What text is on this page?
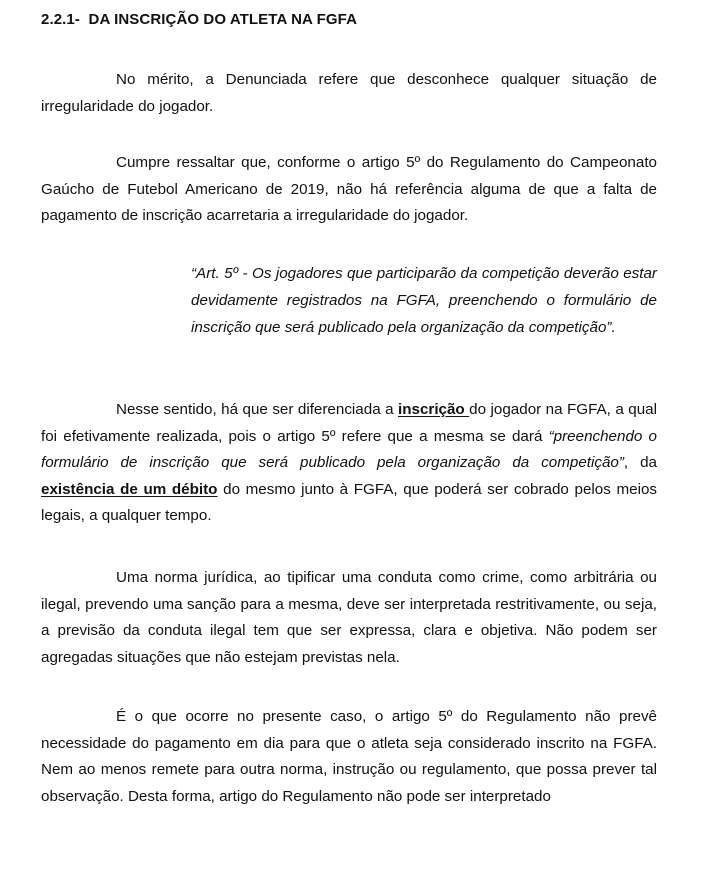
2.2.1- DA INSCRIÇÃO DO ATLETA NA FGFA
No mérito, a Denunciada refere que desconhece qualquer situação de irregularidade do jogador.
Cumpre ressaltar que, conforme o artigo 5º do Regulamento do Campeonato Gaúcho de Futebol Americano de 2019, não há referência alguma de que a falta de pagamento de inscrição acarretaria a irregularidade do jogador.
“Art. 5º - Os jogadores que participarão da competição deverão estar devidamente registrados na FGFA, preenchendo o formulário de inscrição que será publicado pela organização da competição”.
Nesse sentido, há que ser diferenciada a inscrição do jogador na FGFA, a qual foi efetivamente realizada, pois o artigo 5º refere que a mesma se dará “preenchendo o formulário de inscrição que será publicado pela organização da competição”, da existência de um débito do mesmo junto à FGFA, que poderá ser cobrado pelos meios legais, a qualquer tempo.
Uma norma jurídica, ao tipificar uma conduta como crime, como arbitrária ou ilegal, prevendo uma sanção para a mesma, deve ser interpretada restritivamente, ou seja, a previsão da conduta ilegal tem que ser expressa, clara e objetiva. Não podem ser agregadas situações que não estejam previstas nela.
É o que ocorre no presente caso, o artigo 5º do Regulamento não prevê necessidade do pagamento em dia para que o atleta seja considerado inscrito na FGFA. Nem ao menos remete para outra norma, instrução ou regulamento, que possa prever tal observação. Desta forma, artigo do Regulamento não pode ser interpretado
